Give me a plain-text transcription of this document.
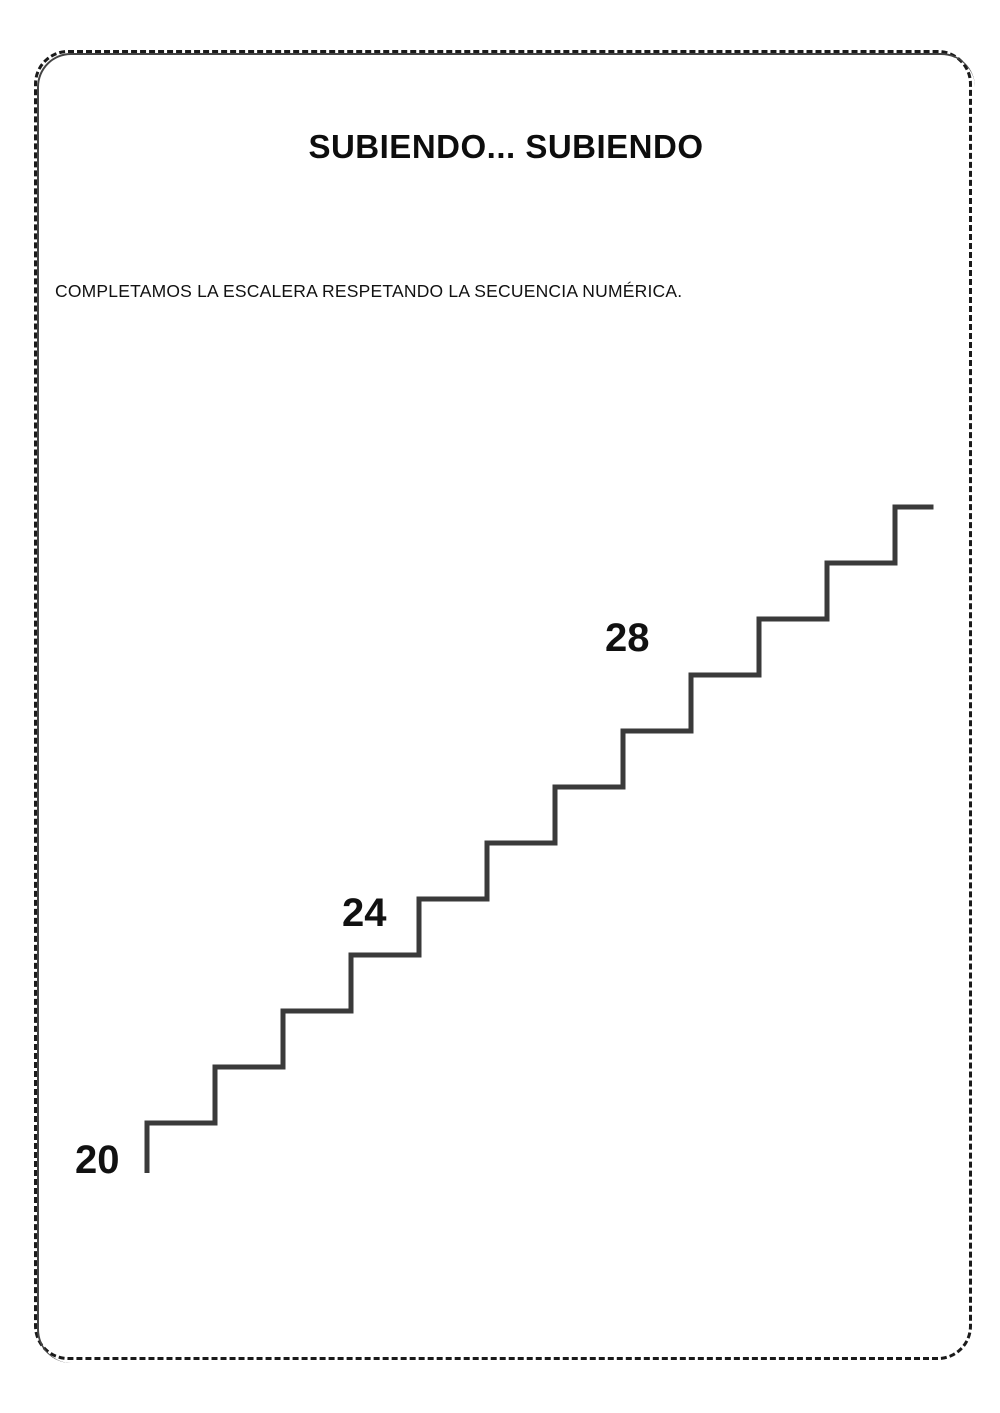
SUBIENDO... SUBIENDO
COMPLETAMOS LA ESCALERA RESPETANDO LA SECUENCIA NUMÉRICA.
20
24
28
